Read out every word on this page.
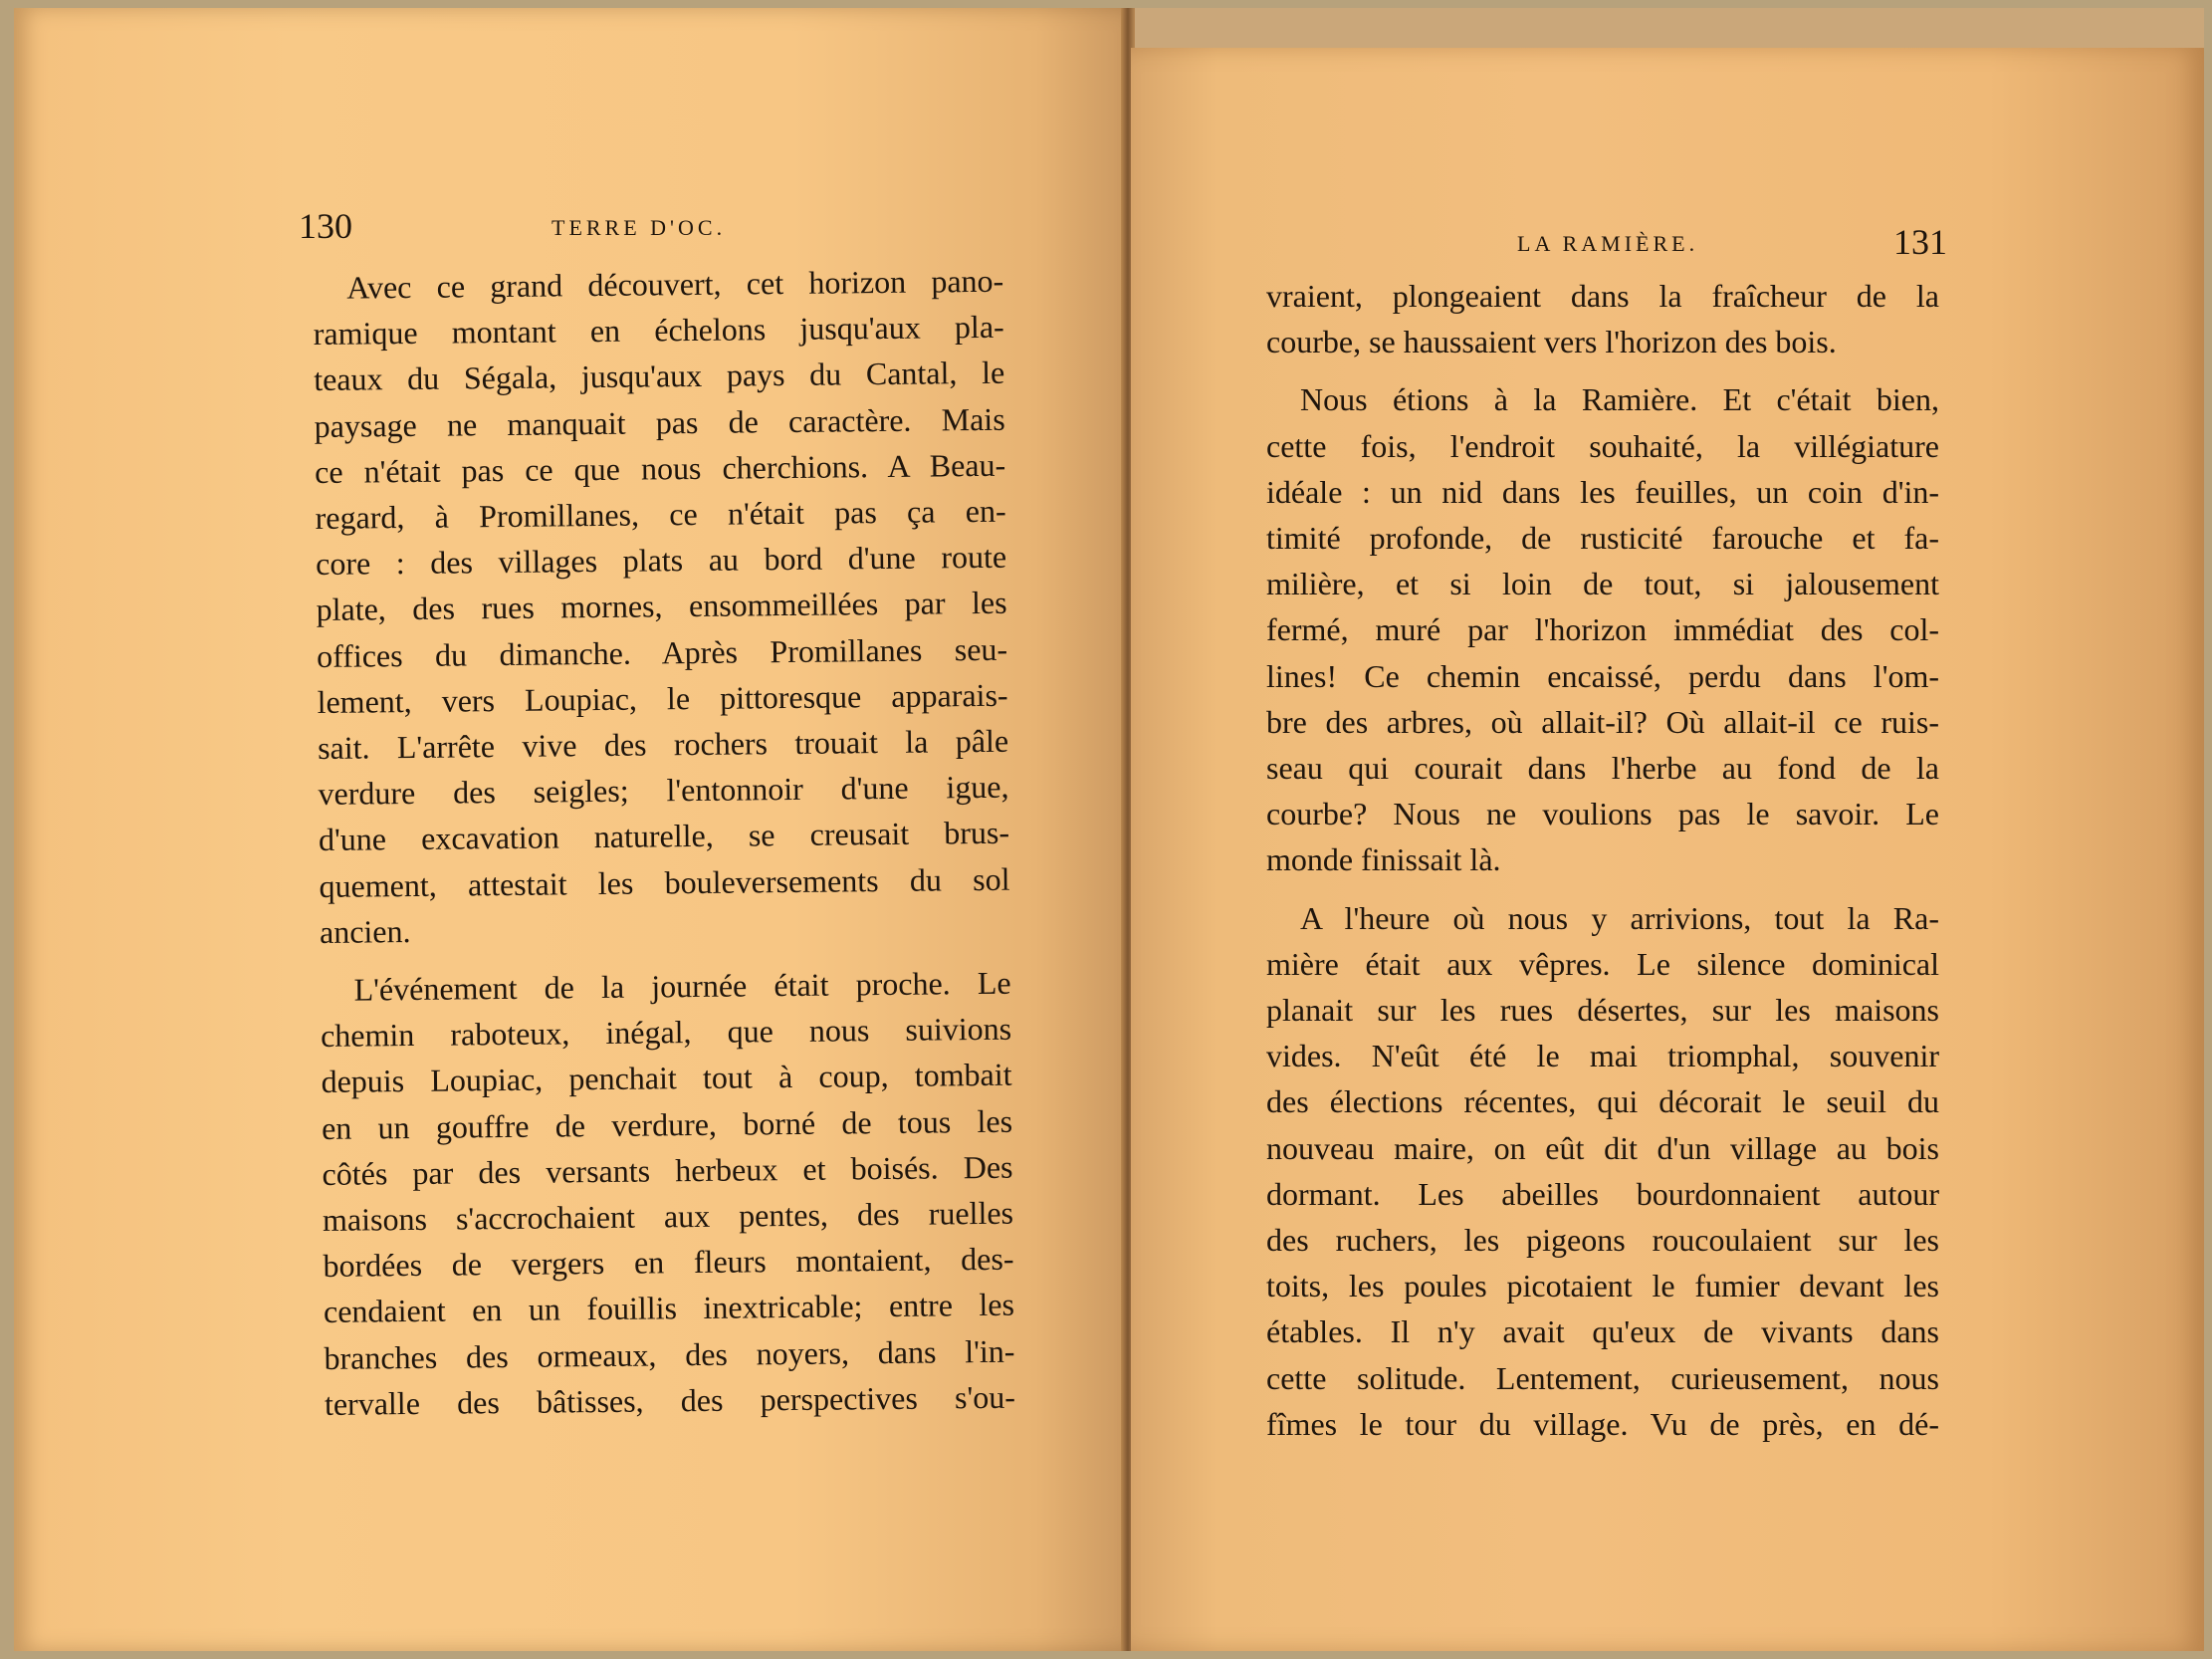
130	TERRE D'OC.
Avec ce grand découvert, cet horizon pano-
ramique montant en échelons jusqu'aux pla-
teaux du Ségala, jusqu'aux pays du Cantal, le
paysage ne manquait pas de caractère. Mais
ce n'était pas ce que nous cherchions. A Beau-
regard, à Promillanes, ce n'était pas ça en-
core : des villages plats au bord d'une route
plate, des rues mornes, ensommeillées par les
offices du dimanche. Après Promillanes seu-
lement, vers Loupiac, le pittoresque apparais-
sait. L'arrête vive des rochers trouait la pâle
verdure des seigles; l'entonnoir d'une igue,
d'une excavation naturelle, se creusait brus-
quement, attestait les bouleversements du sol
ancien.
L'événement de la journée était proche. Le
chemin raboteux, inégal, que nous suivions
depuis Loupiac, penchait tout à coup, tombait
en un gouffre de verdure, borné de tous les
côtés par des versants herbeux et boisés. Des
maisons s'accrochaient aux pentes, des ruelles
bordées de vergers en fleurs montaient, des-
cendaient en un fouillis inextricable; entre les
branches des ormeaux, des noyers, dans l'in-
tervalle des bâtisses, des perspectives s'ou-
LA RAMIÈRE.	131
vraient, plongeaient dans la fraîcheur de la
courbe, se haussaient vers l'horizon des bois.
Nous étions à la Ramière. Et c'était bien,
cette fois, l'endroit souhaité, la villégiature
idéale : un nid dans les feuilles, un coin d'in-
timité profonde, de rusticité farouche et fa-
milière, et si loin de tout, si jalousement
fermé, muré par l'horizon immédiat des col-
lines! Ce chemin encaissé, perdu dans l'om-
bre des arbres, où allait-il? Où allait-il ce ruis-
seau qui courait dans l'herbe au fond de la
courbe? Nous ne voulions pas le savoir. Le
monde finissait là.
A l'heure où nous y arrivions, tout la Ra-
mière était aux vêpres. Le silence dominical
planait sur les rues désertes, sur les maisons
vides. N'eût été le mai triomphal, souvenir
des élections récentes, qui décorait le seuil du
nouveau maire, on eût dit d'un village au bois
dormant. Les abeilles bourdonnaient autour
des ruchers, les pigeons roucoulaient sur les
toits, les poules picotaient le fumier devant les
étables. Il n'y avait qu'eux de vivants dans
cette solitude. Lentement, curieusement, nous
fîmes le tour du village. Vu de près, en dé-
